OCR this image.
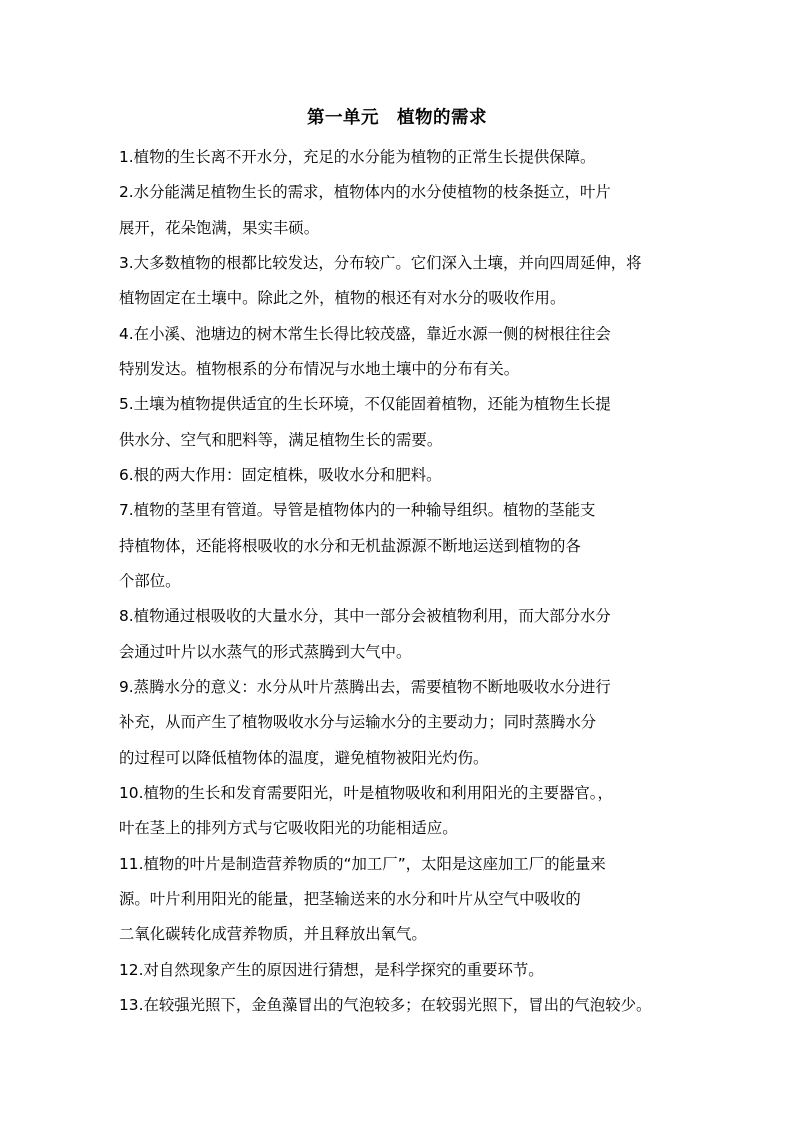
第一单元　植物的需求
1.植物的生长离不开水分，充足的水分能为植物的正常生长提供保障。
2.水分能满足植物生长的需求，植物体内的水分使植物的枝条挺立，叶片
展开，花朵饱满，果实丰硕。
3.大多数植物的根都比较发达，分布较广。它们深入土壤，并向四周延伸，将
植物固定在土壤中。除此之外，植物的根还有对水分的吸收作用。
4.在小溪、池塘边的树木常生长得比较茂盛，靠近水源一侧的树根往往会
特别发达。植物根系的分布情况与水地土壤中的分布有关。
5.土壤为植物提供适宜的生长环境，不仅能固着植物，还能为植物生长提
供水分、空气和肥料等，满足植物生长的需要。
6.根的两大作用：固定植株，吸收水分和肥料。
7.植物的茎里有管道。导管是植物体内的一种输导组织。植物的茎能支
持植物体，还能将根吸收的水分和无机盐源源不断地运送到植物的各
个部位。
8.植物通过根吸收的大量水分，其中一部分会被植物利用，而大部分水分
会通过叶片以水蒸气的形式蒸腾到大气中。
9.蒸腾水分的意义：水分从叶片蒸腾出去，需要植物不断地吸收水分进行
补充，从而产生了植物吸收水分与运输水分的主要动力；同时蒸腾水分
的过程可以降低植物体的温度，避免植物被阳光灼伤。
10.植物的生长和发育需要阳光，叶是植物吸收和利用阳光的主要器官。，
叶在茎上的排列方式与它吸收阳光的功能相适应。
11.植物的叶片是制造营养物质的“加工厂”，太阳是这座加工厂的能量来
源。叶片利用阳光的能量，把茎输送来的水分和叶片从空气中吸收的
二氧化碳转化成营养物质，并且释放出氧气。
12.对自然现象产生的原因进行猜想，是科学探究的重要环节。
13.在较强光照下，金鱼藻冒出的气泡较多；在较弱光照下，冒出的气泡较少。
